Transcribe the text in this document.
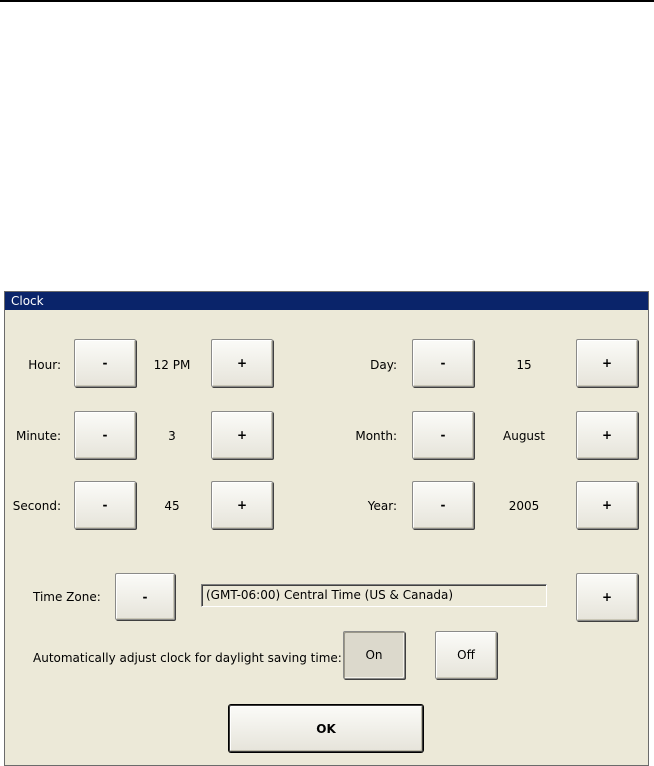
Clock
Hour:	-	12 PM	+
Minute:	-	3	+
Second:	-	45	+
Day:	-	15	+
Month:	-	August	+
Year:	-	2005	+
Time Zone:	-	(GMT-06:00) Central Time (US & Canada)	+
Automatically adjust clock for daylight saving time: On	Off
OK
